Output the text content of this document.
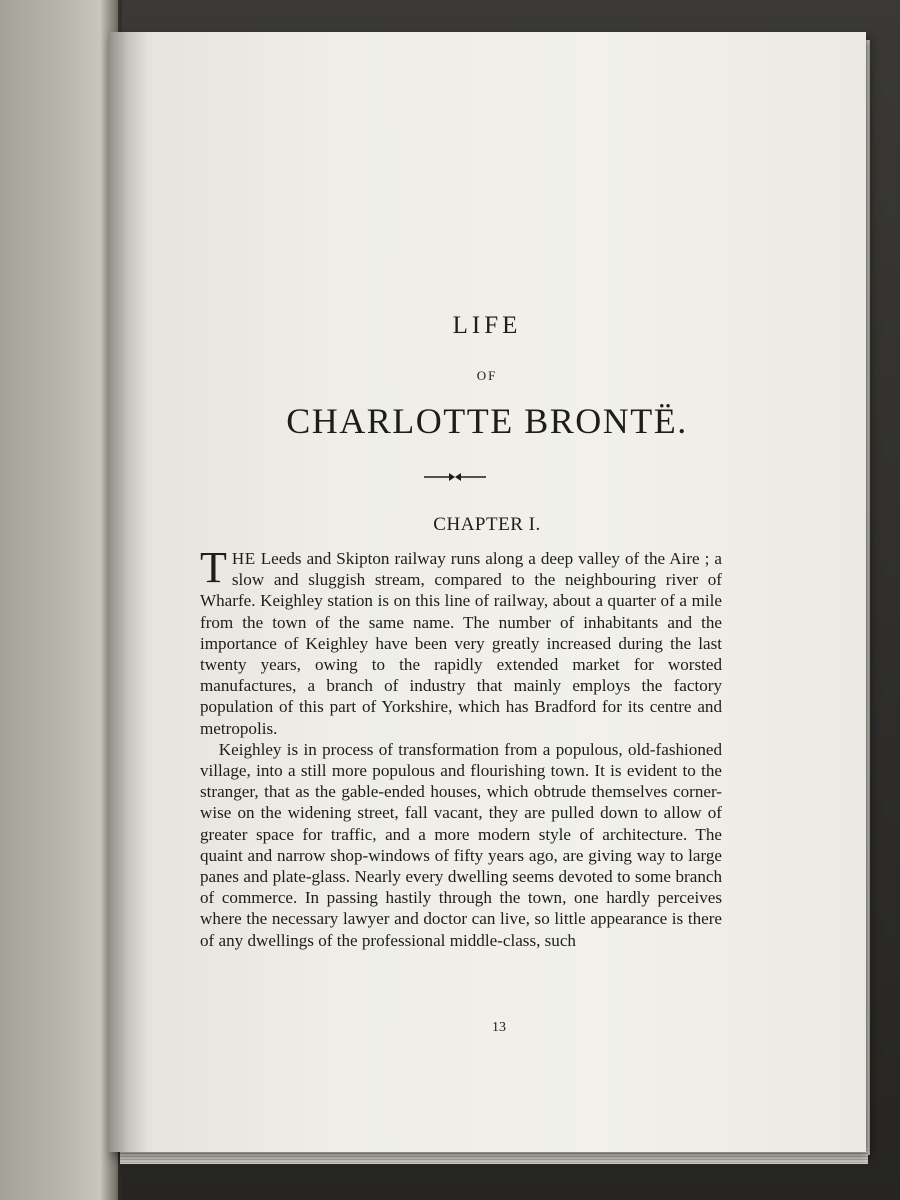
LIFE
OF
CHARLOTTE BRONTË.
CHAPTER I.

THE Leeds and Skipton railway runs along a deep valley of the Aire ; a slow and sluggish stream, compared to the neighbouring river of Wharfe. Keighley station is on this line of railway, about a quarter of a mile from the town of the same name. The number of inhabitants and the importance of Keighley have been very greatly increased during the last twenty years, owing to the rapidly extended market for worsted manufactures, a branch of industry that mainly employs the factory population of this part of Yorkshire, which has Bradford for its centre and metropolis.

Keighley is in process of transformation from a populous, old-fashioned village, into a still more populous and flourishing town. It is evident to the stranger, that as the gable-ended houses, which obtrude themselves corner-wise on the widening street, fall vacant, they are pulled down to allow of greater space for traffic, and a more modern style of architecture. The quaint and narrow shop-windows of fifty years ago, are giving way to large panes and plate-glass. Nearly every dwelling seems devoted to some branch of commerce. In passing hastily through the town, one hardly perceives where the necessary lawyer and doctor can live, so little appearance is there of any dwellings of the professional middle-class, such

13
